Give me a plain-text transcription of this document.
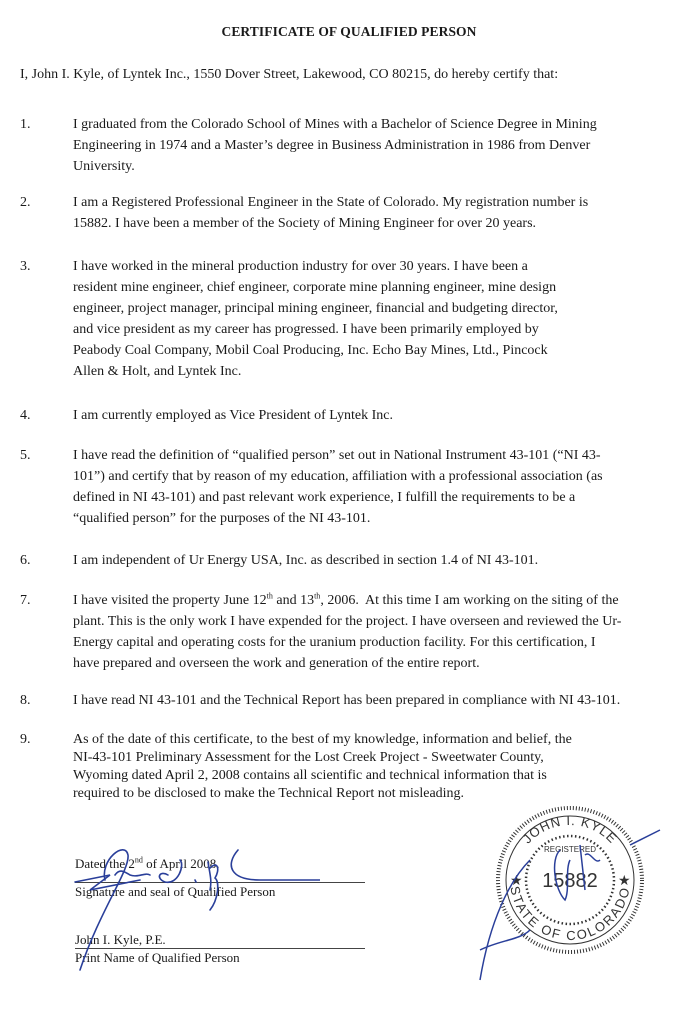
CERTIFICATE OF QUALIFIED PERSON
I, John I. Kyle, of Lyntek Inc., 1550 Dover Street, Lakewood, CO 80215, do hereby certify that:
1.	I graduated from the Colorado School of Mines with a Bachelor of Science Degree in Mining
Engineering in 1974 and a Master’s degree in Business Administration in 1986 from Denver
University.
2.	I am a Registered Professional Engineer in the State of Colorado. My registration number is
15882. I have been a member of the Society of Mining Engineer for over 20 years.
3.	I have worked in the mineral production industry for over 30 years. I have been a
resident mine engineer, chief engineer, corporate mine planning engineer, mine design
engineer, project manager, principal mining engineer, financial and budgeting director,
and vice president as my career has progressed. I have been primarily employed by
Peabody Coal Company, Mobil Coal Producing, Inc. Echo Bay Mines, Ltd., Pincock
Allen & Holt, and Lyntek Inc.
4.	I am currently employed as Vice President of Lyntek Inc.
5.	I have read the definition of “qualified person” set out in National Instrument 43-101 (“NI 43-
101”) and certify that by reason of my education, affiliation with a professional association (as
defined in NI 43-101) and past relevant work experience, I fulfill the requirements to be a
“qualified person” for the purposes of the NI 43-101.
6.	I am independent of Ur Energy USA, Inc. as described in section 1.4 of NI 43-101.
7.	I have visited the property June 12th and 13th, 2006.  At this time I am working on the siting of the
plant. This is the only work I have expended for the project. I have overseen and reviewed the Ur-
Energy capital and operating costs for the uranium production facility. For this certification, I
have prepared and overseen the work and generation of the entire report.
8.	I have read NI 43-101 and the Technical Report has been prepared in compliance with NI 43-101.
9.	As of the date of this certificate, to the best of my knowledge, information and belief, the
NI-43-101 Preliminary Assessment for the Lost Creek Project - Sweetwater County,
Wyoming dated April 2, 2008 contains all scientific and technical information that is
required to be disclosed to make the Technical Report not misleading.
Dated the 2nd of April 2008.
Signature and seal of Qualified Person
John I. Kyle, P.E.
Print Name of Qualified Person
JOHN I. KYLE
STATE OF COLORADO
15882
REGISTERED
★	★
